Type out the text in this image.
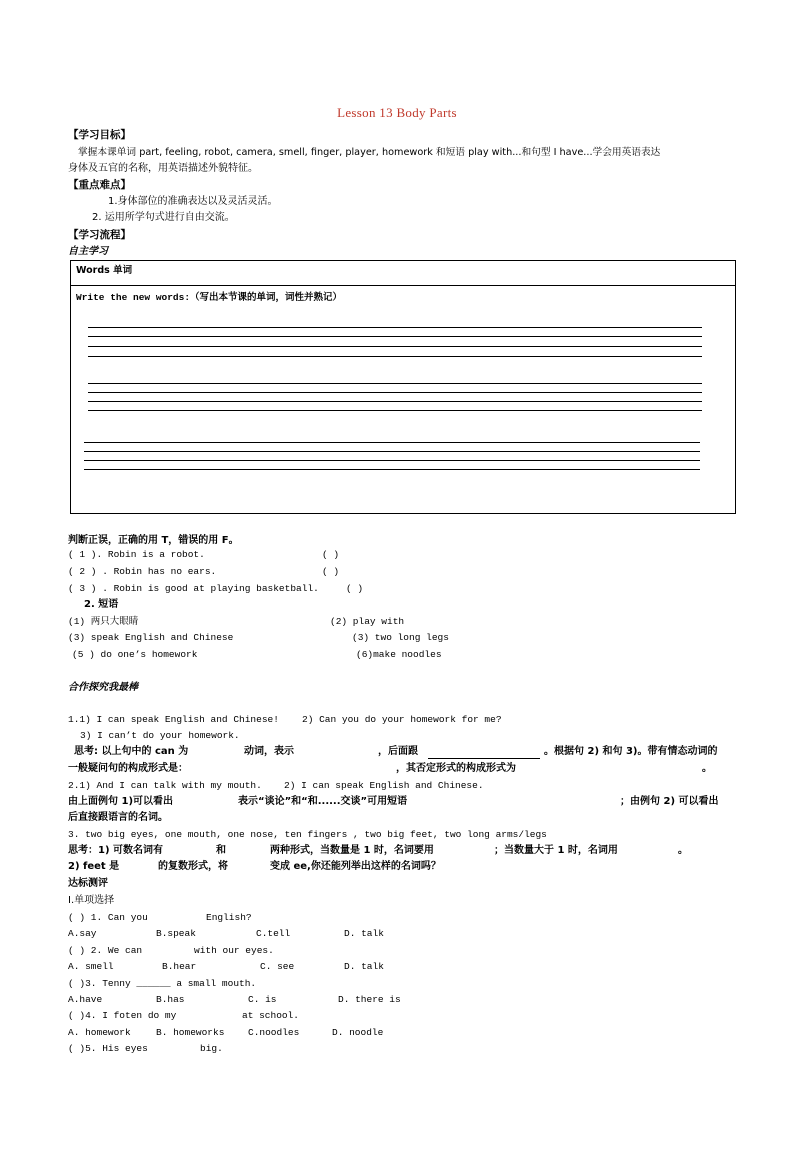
Lesson 13 Body Parts
【学习目标】
掌握本课单词 part, feeling, robot, camera, smell, finger, player, homework 和短语 play with...和句型 I have...学会用英语表达
身体及五官的名称，用英语描述外貌特征。
【重点难点】
1.身体部位的准确表达以及灵活灵活。
2. 运用所学句式进行自由交流。
【学习流程】
自主学习
Words 单词
Write the new words:（写出本节课的单词，词性并熟记）
判断正误，正确的用 T，错误的用 F。
( 1 ). Robin is a robot.	( )
( 2 ) . Robin has no ears.	( )
( 3 ) . Robin is good at playing basketball.	( )
2. 短语
(1) 两只大眼睛	(2) play with
(3) speak English and Chinese	(3) two long legs
(5 ) do one’s homework	(6)make noodles
合作探究我最棒
1.1) I can speak English and Chinese! 2) Can you do your homework for me?
3) I can’t do your homework.
思考: 以上句中的 can 为	动词，表示	，后面跟	。根据句 2) 和句 3)。带有情态动词的
一般疑问句的构成形式是：	，其否定形式的构成形式为	。
2.1) And I can talk with my mouth. 2) I can speak English and Chinese.
由上面例句 1)可以看出	表示“谈论”和“和......交谈”可用短语	；由例句 2) 可以看出
后直接跟语言的名词。
3. two big eyes, one mouth, one nose, ten fingers , two big feet, two long arms/legs
思考：1) 可数名词有	和	两种形式，当数量是 1 时，名词要用	；当数量大于 1 时，名词用	。
2) feet 是	的复数形式，将	变成 ee,你还能列举出这样的名词吗？
达标测评
I.单项选择
( ) 1. Can you	English?
A.say	B.speak	C.tell	D. talk
( ) 2. We can	with our eyes.
A. smell	B.hear	C. see	D. talk
( )3. Tenny ______ a small mouth.
A.have	B.has	C. is	D. there is
( )4. I foten do my	at school.
A. homework	B. homeworks C.noodles	D. noodle
( )5. His eyes	big.
